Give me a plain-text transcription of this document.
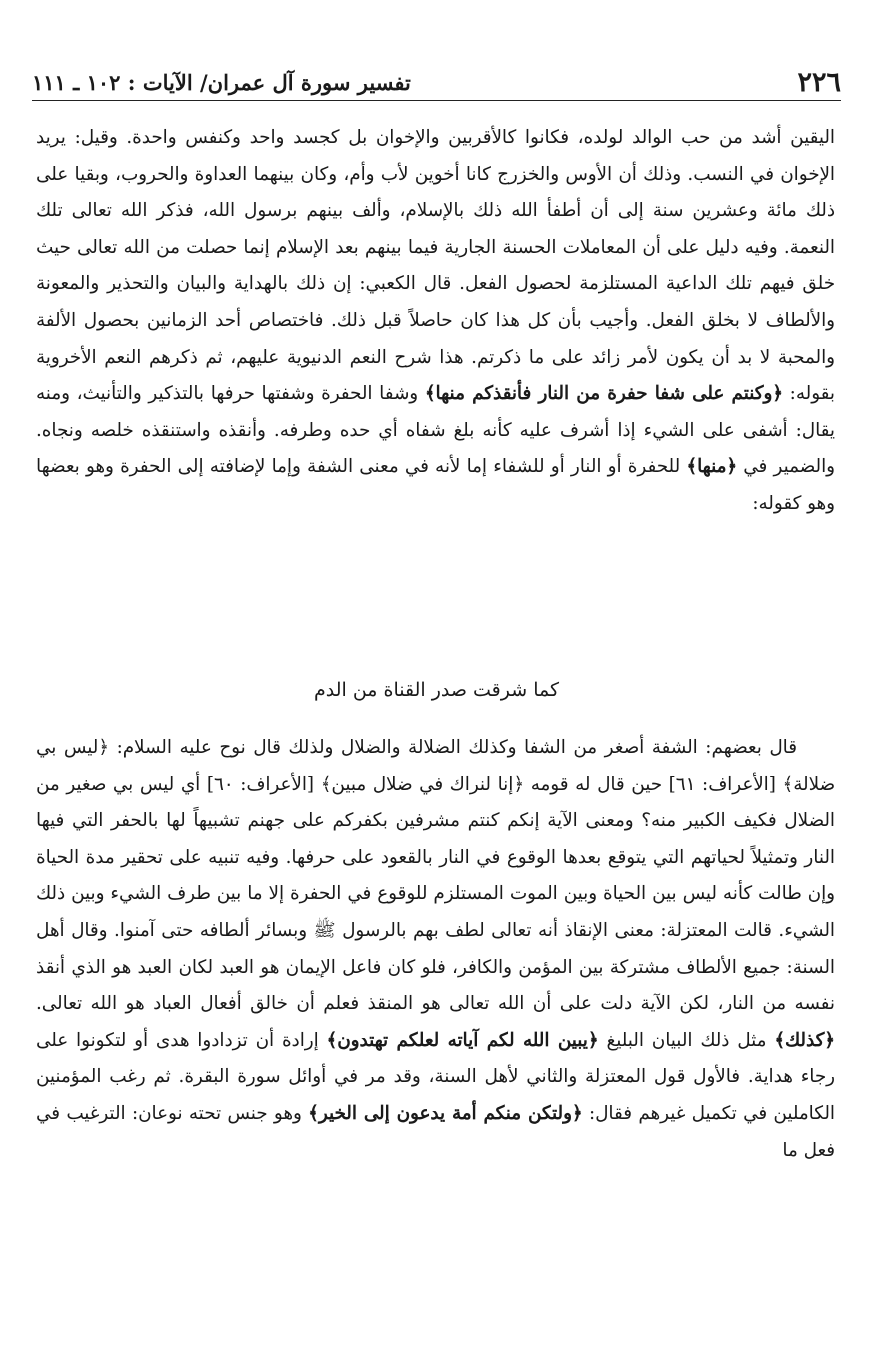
٢٢٦
تفسير سورة آل عمران/ الآيات : ١٠٢ ـ ١١١

اليقين أشد من حب الوالد لولده، فكانوا كالأقربين والإخوان بل كجسد واحد وكنفس واحدة. وقيل: يريد الإخوان في النسب. وذلك أن الأوس والخزرج كانا أخوين لأب وأم، وكان بينهما العداوة والحروب، وبقيا على ذلك مائة وعشرين سنة إلى أن أطفأ الله ذلك بالإسلام، وألف بينهم برسول الله، فذكر الله تعالى تلك النعمة. وفيه دليل على أن المعاملات الحسنة الجارية فيما بينهم بعد الإسلام إنما حصلت من الله تعالى حيث خلق فيهم تلك الداعية المستلزمة لحصول الفعل. قال الكعبي: إن ذلك بالهداية والبيان والتحذير والمعونة والألطاف لا بخلق الفعل. وأجيب بأن كل هذا كان حاصلاً قبل ذلك. فاختصاص أحد الزمانين بحصول الألفة والمحبة لا بد أن يكون لأمر زائد على ما ذكرتم. هذا شرح النعم الدنيوية عليهم، ثم ذكرهم النعم الأخروية بقوله: ﴿وكنتم على شفا حفرة من النار فأنقذكم منها﴾ وشفا الحفرة وشفتها حرفها بالتذكير والتأنيث، ومنه يقال: أشفى على الشيء إذا أشرف عليه كأنه بلغ شفاه أي حده وطرفه. وأنقذه واستنقذه خلصه ونجاه. والضمير في ﴿منها﴾ للحفرة أو النار أو للشفاء إما لأنه في معنى الشفة وإما لإضافته إلى الحفرة وهو بعضها وهو كقوله:

كما شرقت صدر القناة من الدم

قال بعضهم: الشفة أصغر من الشفا وكذلك الضلالة والضلال ولذلك قال نوح عليه السلام: ﴿ليس بي ضلالة﴾ [الأعراف: ٦١] حين قال له قومه ﴿إنا لنراك في ضلال مبين﴾ [الأعراف: ٦٠] أي ليس بي صغير من الضلال فكيف الكبير منه؟ ومعنى الآية إنكم كنتم مشرفين بكفركم على جهنم تشبيهاً لها بالحفر التي فيها النار وتمثيلاً لحياتهم التي يتوقع بعدها الوقوع في النار بالقعود على حرفها. وفيه تنبيه على تحقير مدة الحياة وإن طالت كأنه ليس بين الحياة وبين الموت المستلزم للوقوع في الحفرة إلا ما بين طرف الشيء وبين ذلك الشيء. قالت المعتزلة: معنى الإنقاذ أنه تعالى لطف بهم بالرسول ﷺ وبسائر ألطافه حتى آمنوا. وقال أهل السنة: جميع الألطاف مشتركة بين المؤمن والكافر، فلو كان فاعل الإيمان هو العبد لكان العبد هو الذي أنقذ نفسه من النار، لكن الآية دلت على أن الله تعالى هو المنقذ فعلم أن خالق أفعال العباد هو الله تعالى. ﴿كذلك﴾ مثل ذلك البيان البليغ ﴿يبين الله لكم آياته لعلكم تهتدون﴾ إرادة أن تزدادوا هدى أو لتكونوا على رجاء هداية. فالأول قول المعتزلة والثاني لأهل السنة، وقد مر في أوائل سورة البقرة. ثم رغب المؤمنين الكاملين في تكميل غيرهم فقال: ﴿ولتكن منكم أمة يدعون إلى الخير﴾ وهو جنس تحته نوعان: الترغيب في فعل ما
